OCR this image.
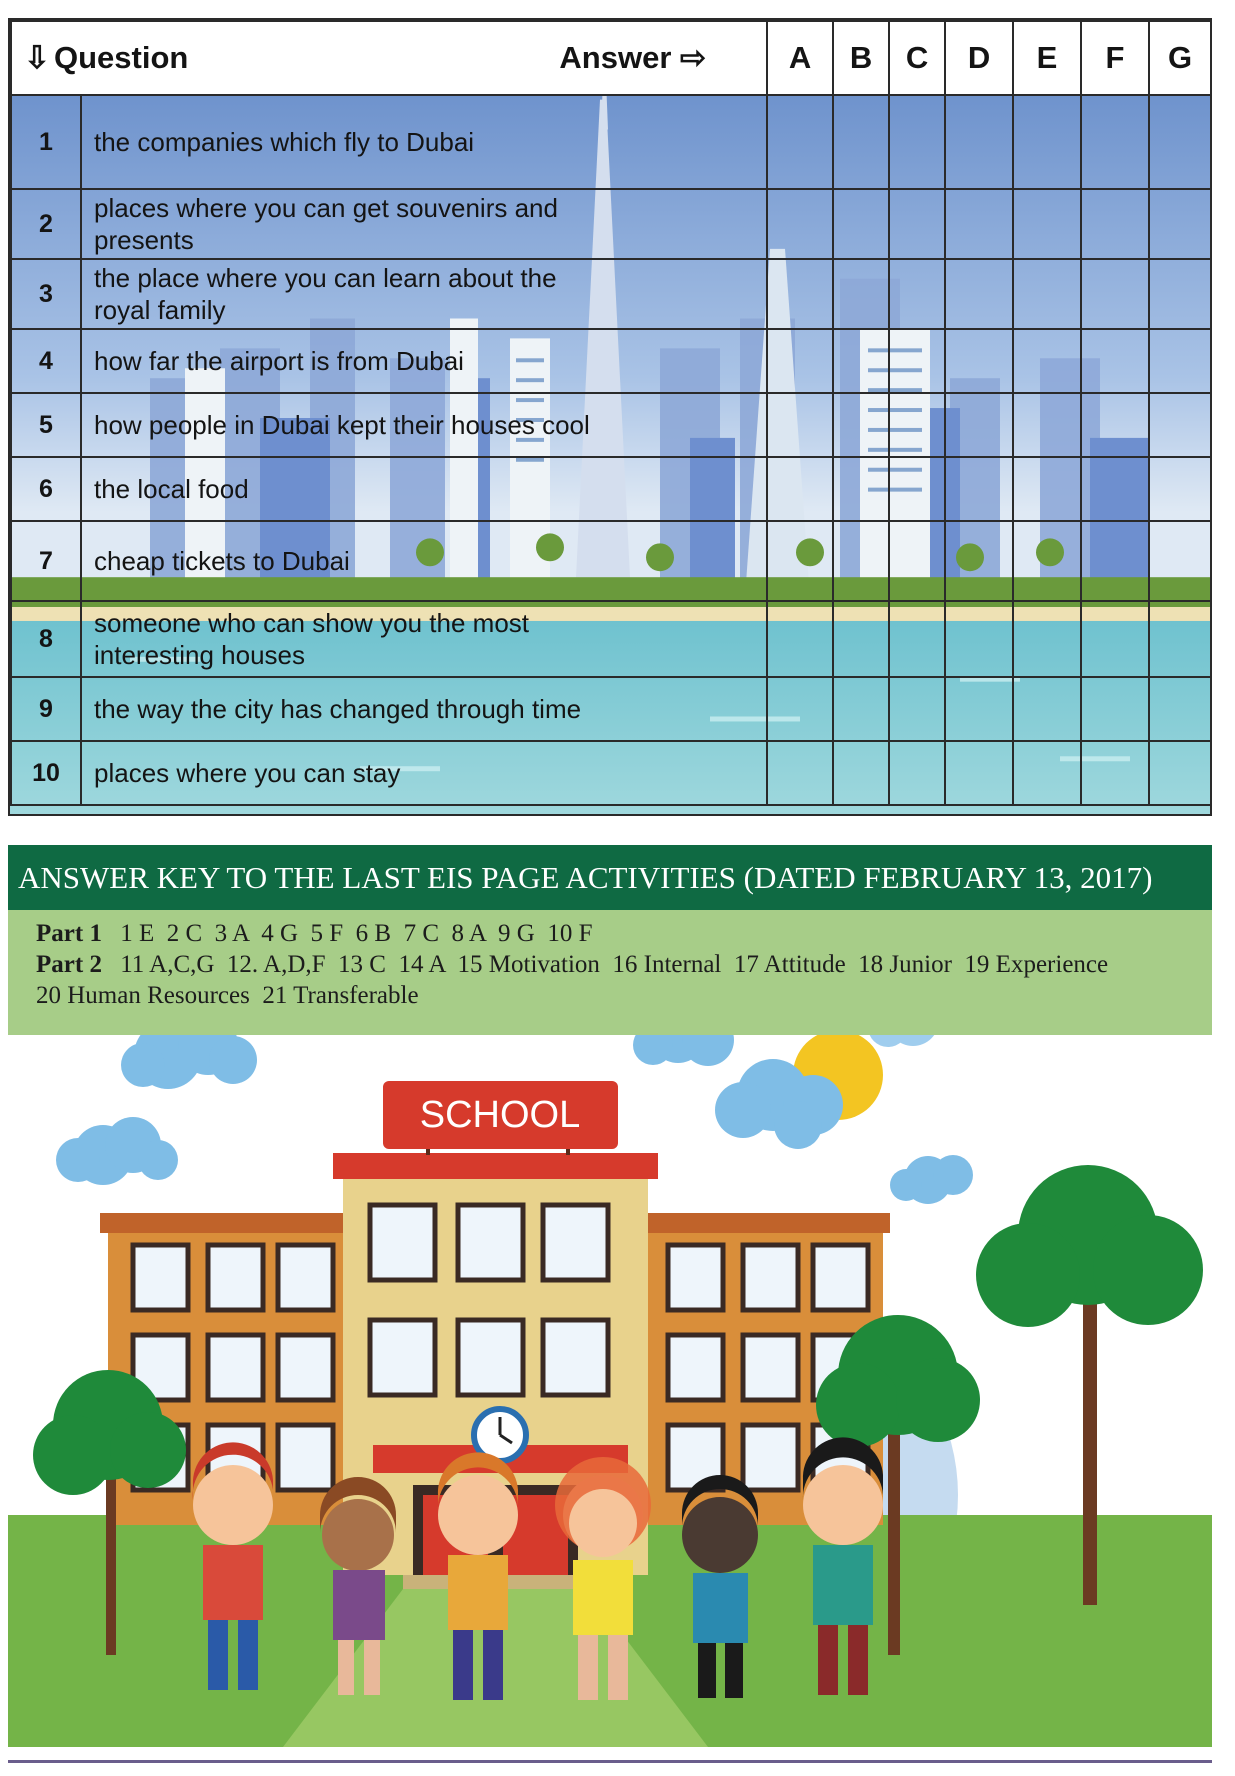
⇩ Question Answer ⇨		A	B	C	D	E	F	G
1	the companies which fly to Dubai							

2	places where you can get souvenirs and
presents							

3	the place where you can learn about the
royal family							

4	how far the airport is from Dubai							

5	how people in Dubai kept their houses cool							

6	the local food							

7	cheap tickets to Dubai							

8	someone who can show you the most
interesting houses							

9	the way the city has changed through time							

10	places where you can stay							

ANSWER KEY TO THE LAST EIS PAGE ACTIVITIES (DATED FEBRUARY 13, 2017)
Part 1 1 E  2 C  3 A  4 G  5 F  6 B  7 C  8 A  9 G  10 F
Part 2 11 A,C,G  12. A,D,F  13 C  14 A  15 Motivation  16 Internal  17 Attitude  18 Junior  19 Experience
20 Human Resources  21 Transferable
SCHOOL
